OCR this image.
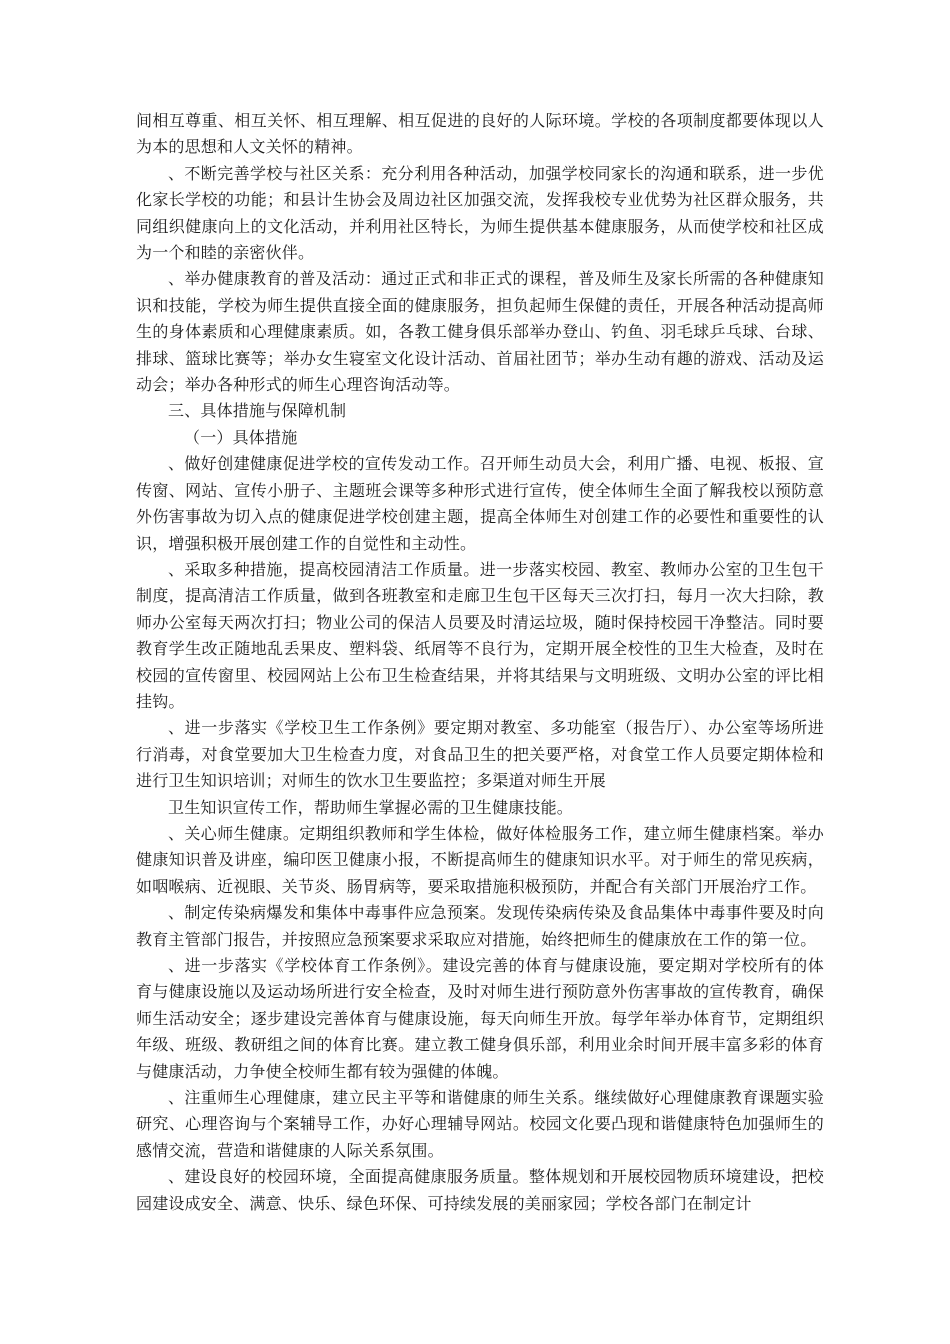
间相互尊重、相互关怀、相互理解、相互促进的良好的人际环境。学校的各项制度都要体现以人为本的思想和人文关怀的精神。

、不断完善学校与社区关系：充分利用各种活动，加强学校同家长的沟通和联系，进一步优化家长学校的功能；和县计生协会及周边社区加强交流，发挥我校专业优势为社区群众服务，共同组织健康向上的文化活动，并利用社区特长，为师生提供基本健康服务，从而使学校和社区成为一个和睦的亲密伙伴。

、举办健康教育的普及活动：通过正式和非正式的课程，普及师生及家长所需的各种健康知识和技能，学校为师生提供直接全面的健康服务，担负起师生保健的责任，开展各种活动提高师生的身体素质和心理健康素质。如，各教工健身俱乐部举办登山、钓鱼、羽毛球乒乓球、台球、排球、篮球比赛等；举办女生寝室文化设计活动、首届社团节；举办生动有趣的游戏、活动及运动会；举办各种形式的师生心理咨询活动等。

三、具体措施与保障机制

（一）具体措施

、做好创建健康促进学校的宣传发动工作。召开师生动员大会，利用广播、电视、板报、宣传窗、网站、宣传小册子、主题班会课等多种形式进行宣传，使全体师生全面了解我校以预防意外伤害事故为切入点的健康促进学校创建主题，提高全体师生对创建工作的必要性和重要性的认识，增强积极开展创建工作的自觉性和主动性。

、采取多种措施，提高校园清洁工作质量。进一步落实校园、教室、教师办公室的卫生包干制度，提高清洁工作质量，做到各班教室和走廊卫生包干区每天三次打扫，每月一次大扫除，教师办公室每天两次打扫；物业公司的保洁人员要及时清运垃圾，随时保持校园干净整洁。同时要教育学生改正随地乱丢果皮、塑料袋、纸屑等不良行为，定期开展全校性的卫生大检查，及时在校园的宣传窗里、校园网站上公布卫生检查结果，并将其结果与文明班级、文明办公室的评比相挂钩。

、进一步落实《学校卫生工作条例》要定期对教室、多功能室（报告厅）、办公室等场所进行消毒，对食堂要加大卫生检查力度，对食品卫生的把关要严格，对食堂工作人员要定期体检和进行卫生知识培训；对师生的饮水卫生要监控；多渠道对师生开展

卫生知识宣传工作，帮助师生掌握必需的卫生健康技能。

、关心师生健康。定期组织教师和学生体检，做好体检服务工作，建立师生健康档案。举办健康知识普及讲座，编印医卫健康小报，不断提高师生的健康知识水平。对于师生的常见疾病，如咽喉病、近视眼、关节炎、肠胃病等，要采取措施积极预防，并配合有关部门开展治疗工作。

、制定传染病爆发和集体中毒事件应急预案。发现传染病传染及食品集体中毒事件要及时向教育主管部门报告，并按照应急预案要求采取应对措施，始终把师生的健康放在工作的第一位。

、进一步落实《学校体育工作条例》。建设完善的体育与健康设施，要定期对学校所有的体育与健康设施以及运动场所进行安全检查，及时对师生进行预防意外伤害事故的宣传教育，确保师生活动安全；逐步建设完善体育与健康设施，每天向师生开放。每学年举办体育节，定期组织年级、班级、教研组之间的体育比赛。建立教工健身俱乐部，利用业余时间开展丰富多彩的体育与健康活动，力争使全校师生都有较为强健的体魄。

、注重师生心理健康，建立民主平等和谐健康的师生关系。继续做好心理健康教育课题实验研究、心理咨询与个案辅导工作，办好心理辅导网站。校园文化要凸现和谐健康特色加强师生的感情交流，营造和谐健康的人际关系氛围。

、建设良好的校园环境，全面提高健康服务质量。整体规划和开展校园物质环境建设，把校园建设成安全、满意、快乐、绿色环保、可持续发展的美丽家园；学校各部门在制定计
